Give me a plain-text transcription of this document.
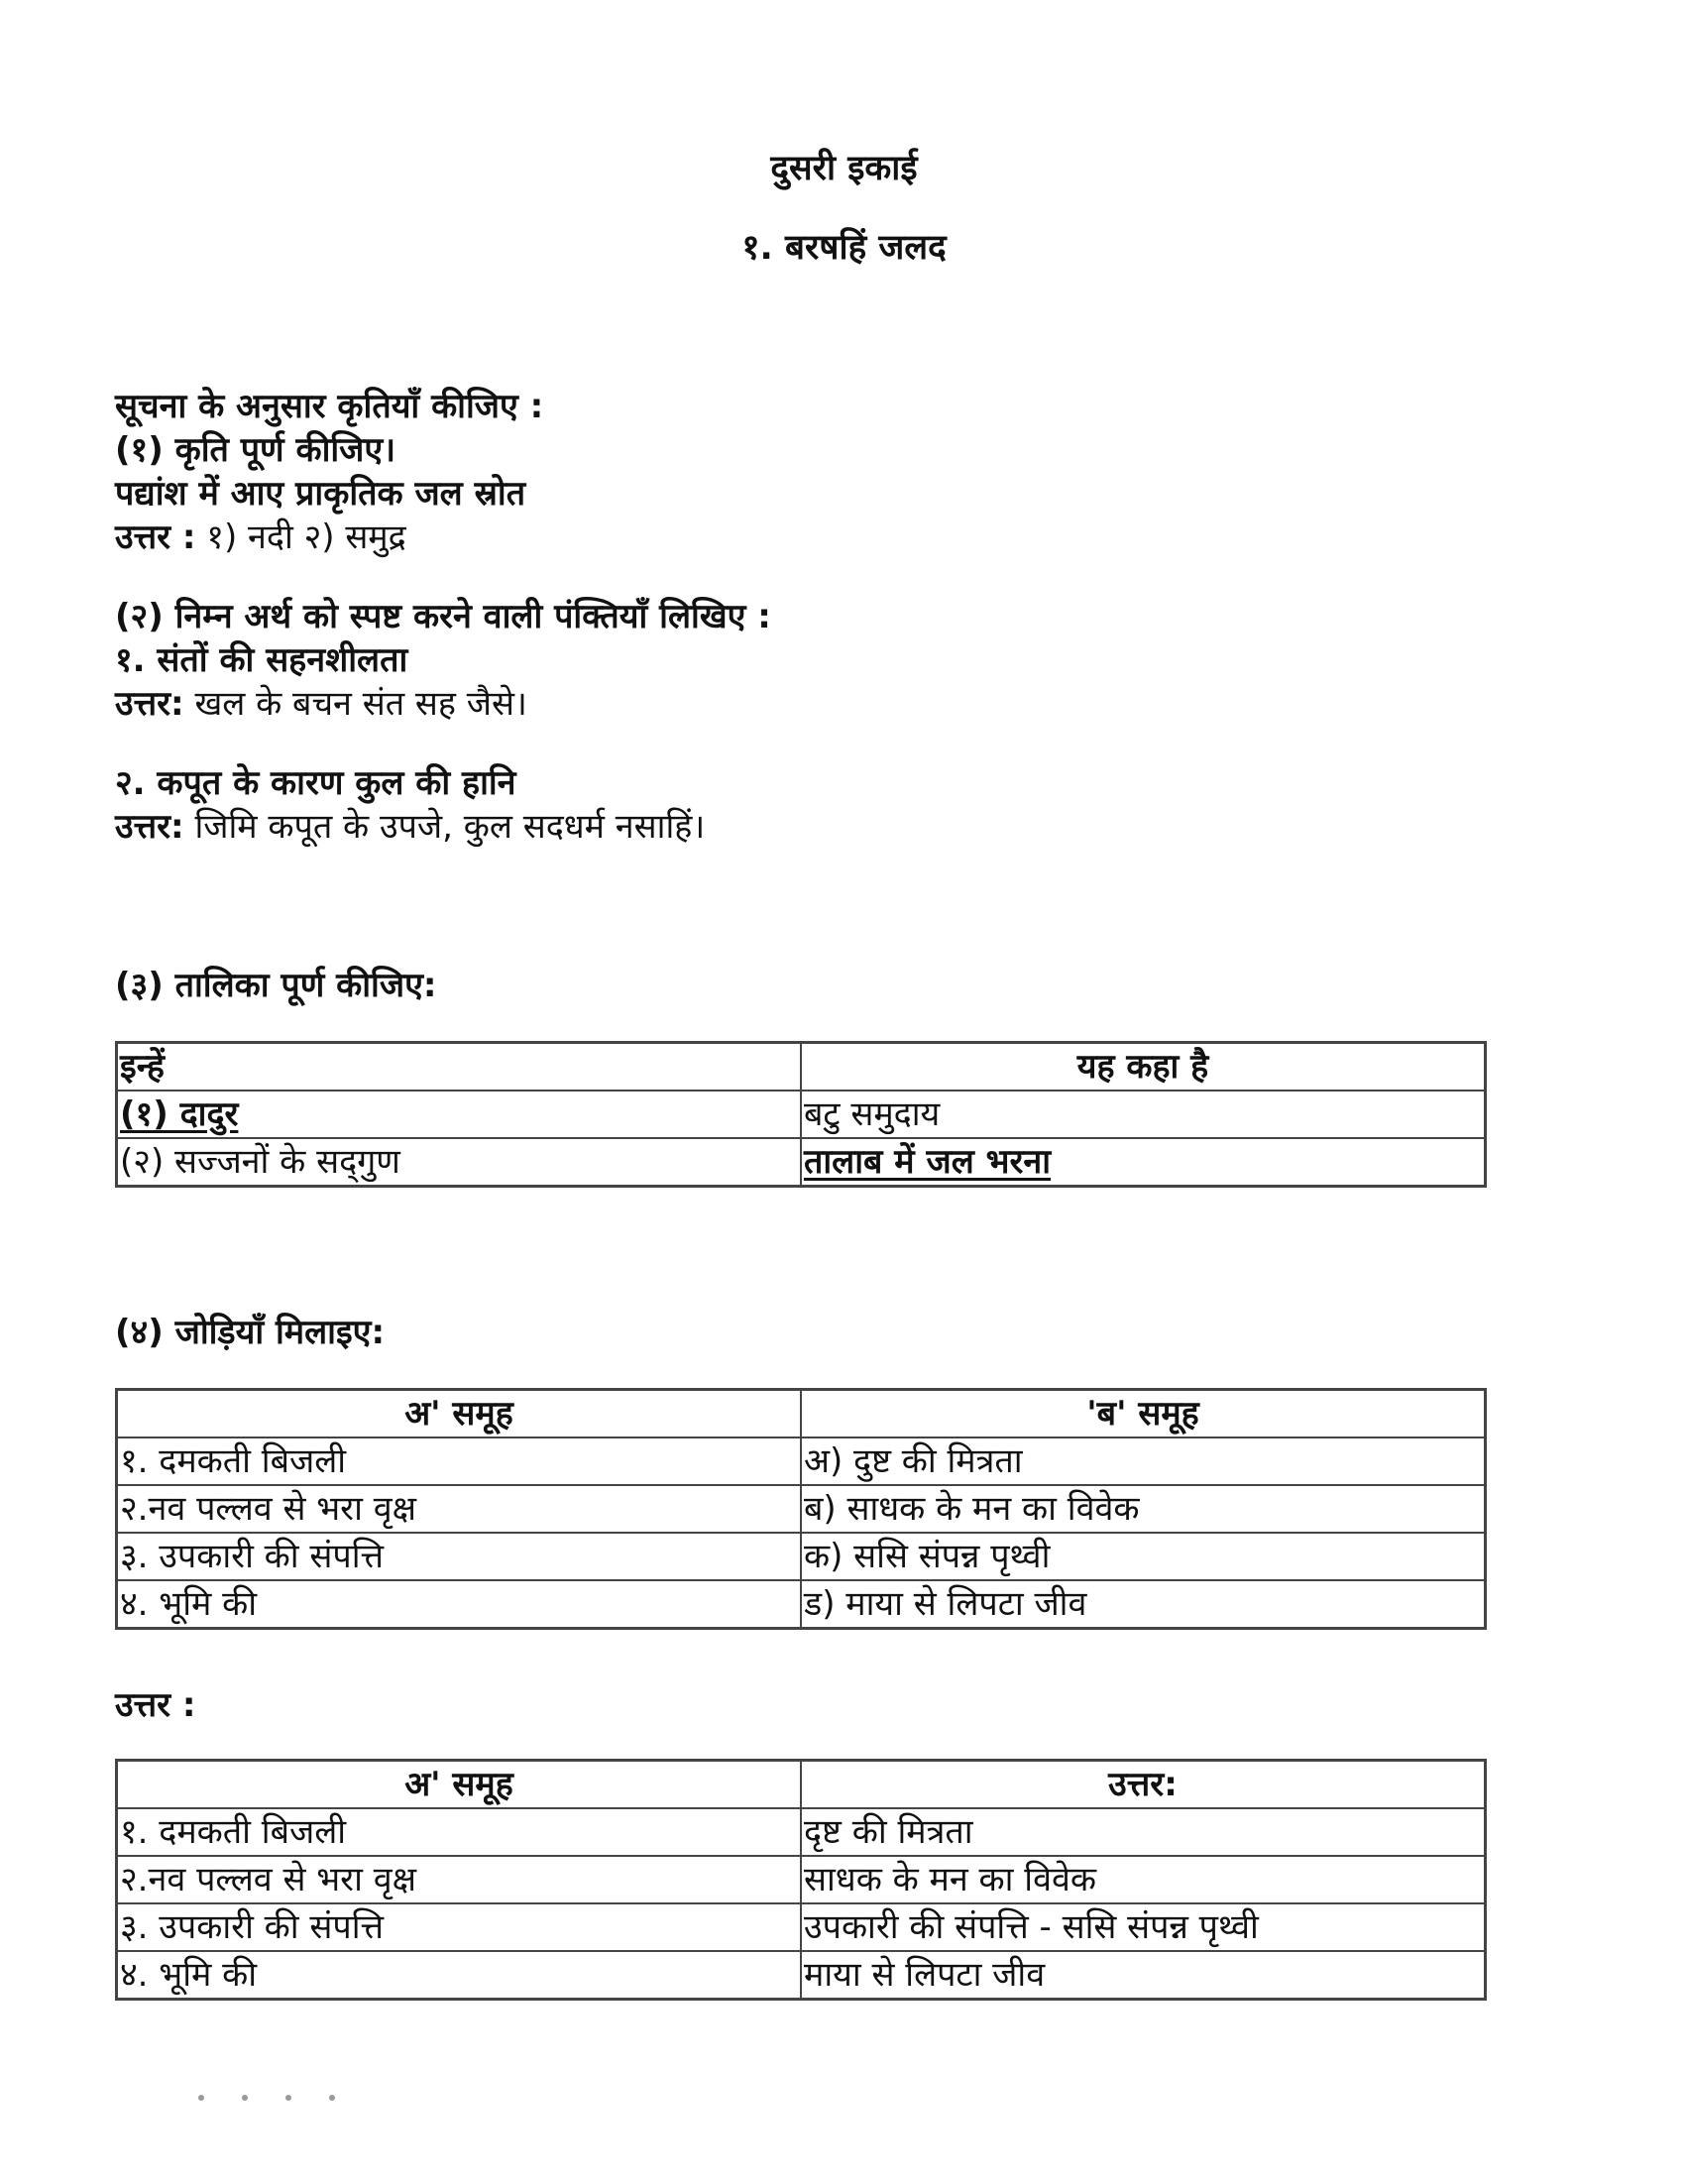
दुसरी इकाई
१. बरषहिं जलद
सूचना के अनुसार कृतियाँ कीजिए :
(१) कृति पूर्ण कीजिए।
पद्यांश में आए प्राकृतिक जल स्रोत
उत्तर : १) नदी २) समुद्र
(२) निम्न अर्थ को स्पष्ट करने वाली पंक्तियाँ लिखिए :
१. संतों की सहनशीलता
उत्तर: खल के बचन संत सह जैसे।
२. कपूत के कारण कुल की हानि
उत्तर: जिमि कपूत के उपजे, कुल सदधर्म नसाहिं।
(३) तालिका पूर्ण कीजिए:
इन्हें	यह कहा है
(१) दादुर	बटु समुदाय
(२) सज्जनों के सद्‌गुण	तालाब में जल भरना
(४) जोड़ियाँ मिलाइए:
अ' समूह	'ब' समूह
१. दमकती बिजली	अ) दुष्ट की मित्रता
२.नव पल्लव से भरा वृक्ष	ब) साधक के मन का विवेक
३. उपकारी की संपत्ति	क) ससि संपन्न पृथ्वी
४. भूमि की	ड) माया से लिपटा जीव
उत्तर :
अ' समूह	उत्तर:
१. दमकती बिजली	दृष्ट की मित्रता
२.नव पल्लव से भरा वृक्ष	साधक के मन का विवेक
३. उपकारी की संपत्ति	उपकारी की संपत्ति - ससि संपन्न पृथ्वी
४. भूमि की	माया से लिपटा जीव
